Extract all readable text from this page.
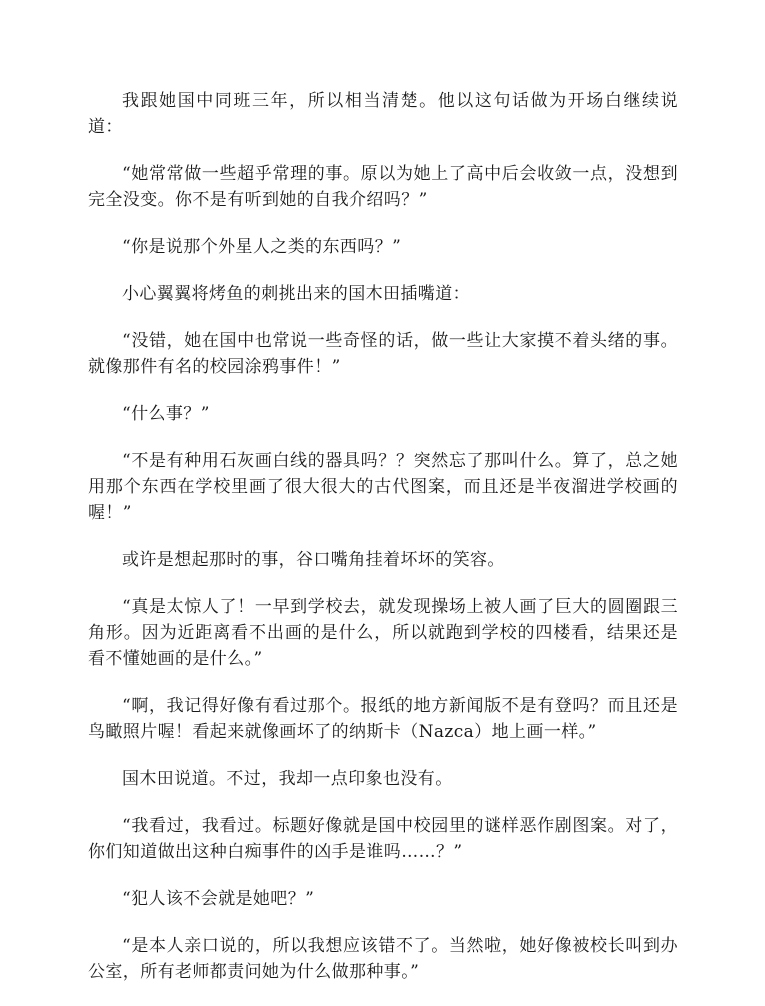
我跟她国中同班三年，所以相当清楚。他以这句话做为开场白继续说道：

“她常常做一些超乎常理的事。原以为她上了高中后会收敛一点，没想到完全没变。你不是有听到她的自我介绍吗？”

“你是说那个外星人之类的东西吗？”

小心翼翼将烤鱼的刺挑出来的国木田插嘴道：

“没错，她在国中也常说一些奇怪的话，做一些让大家摸不着头绪的事。就像那件有名的校园涂鸦事件！”

“什么事？”

“不是有种用石灰画白线的器具吗？？突然忘了那叫什么。算了，总之她用那个东西在学校里画了很大很大的古代图案，而且还是半夜溜进学校画的喔！”

或许是想起那时的事，谷口嘴角挂着坏坏的笑容。

“真是太惊人了！一早到学校去，就发现操场上被人画了巨大的圆圈跟三角形。因为近距离看不出画的是什么，所以就跑到学校的四楼看，结果还是看不懂她画的是什么。”

“啊，我记得好像有看过那个。报纸的地方新闻版不是有登吗？而且还是鸟瞰照片喔！看起来就像画坏了的纳斯卡（Nazca）地上画一样。”

国木田说道。不过，我却一点印象也没有。

“我看过，我看过。标题好像就是国中校园里的谜样恶作剧图案。对了，你们知道做出这种白痴事件的凶手是谁吗……？”

“犯人该不会就是她吧？”

“是本人亲口说的，所以我想应该错不了。当然啦，她好像被校长叫到办公室，所有老师都责问她为什么做那种事。”
